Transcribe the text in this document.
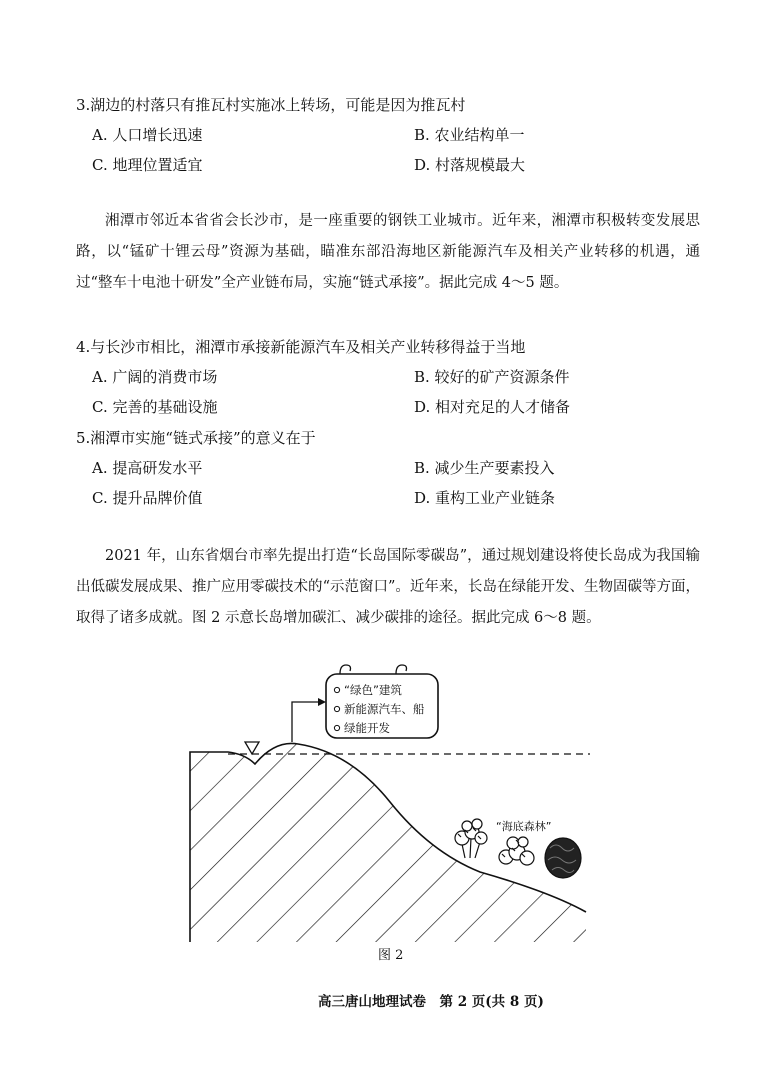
3.湖边的村落只有推瓦村实施冰上转场，可能是因为推瓦村
A. 人口增长迅速	B. 农业结构单一
C. 地理位置适宜	D. 村落规模最大
湘潭市邻近本省省会长沙市，是一座重要的钢铁工业城市。近年来，湘潭市积极转变发展思路，以“锰矿十锂云母”资源为基础，瞄准东部沿海地区新能源汽车及相关产业转移的机遇，通过“整车十电池十研发”全产业链布局，实施“链式承接”。据此完成 4～5 题。
4.与长沙市相比，湘潭市承接新能源汽车及相关产业转移得益于当地
A. 广阔的消费市场	B. 较好的矿产资源条件
C. 完善的基础设施	D. 相对充足的人才储备
5.湘潭市实施“链式承接”的意义在于
A. 提高研发水平	B. 减少生产要素投入
C. 提升品牌价值	D. 重构工业产业链条
2021 年，山东省烟台市率先提出打造“长岛国际零碳岛”，通过规划建设将使长岛成为我国输出低碳发展成果、推广应用零碳技术的“示范窗口”。近年来，长岛在绿能开发、生物固碳等方面，取得了诸多成就。图 2 示意长岛增加碳汇、减少碳排的途径。据此完成 6～8 题。
“绿色”建筑
新能源汽车、船
绿能开发
“海底森林”
图 2
高三唐山地理试卷　第 2 页(共 8 页)
